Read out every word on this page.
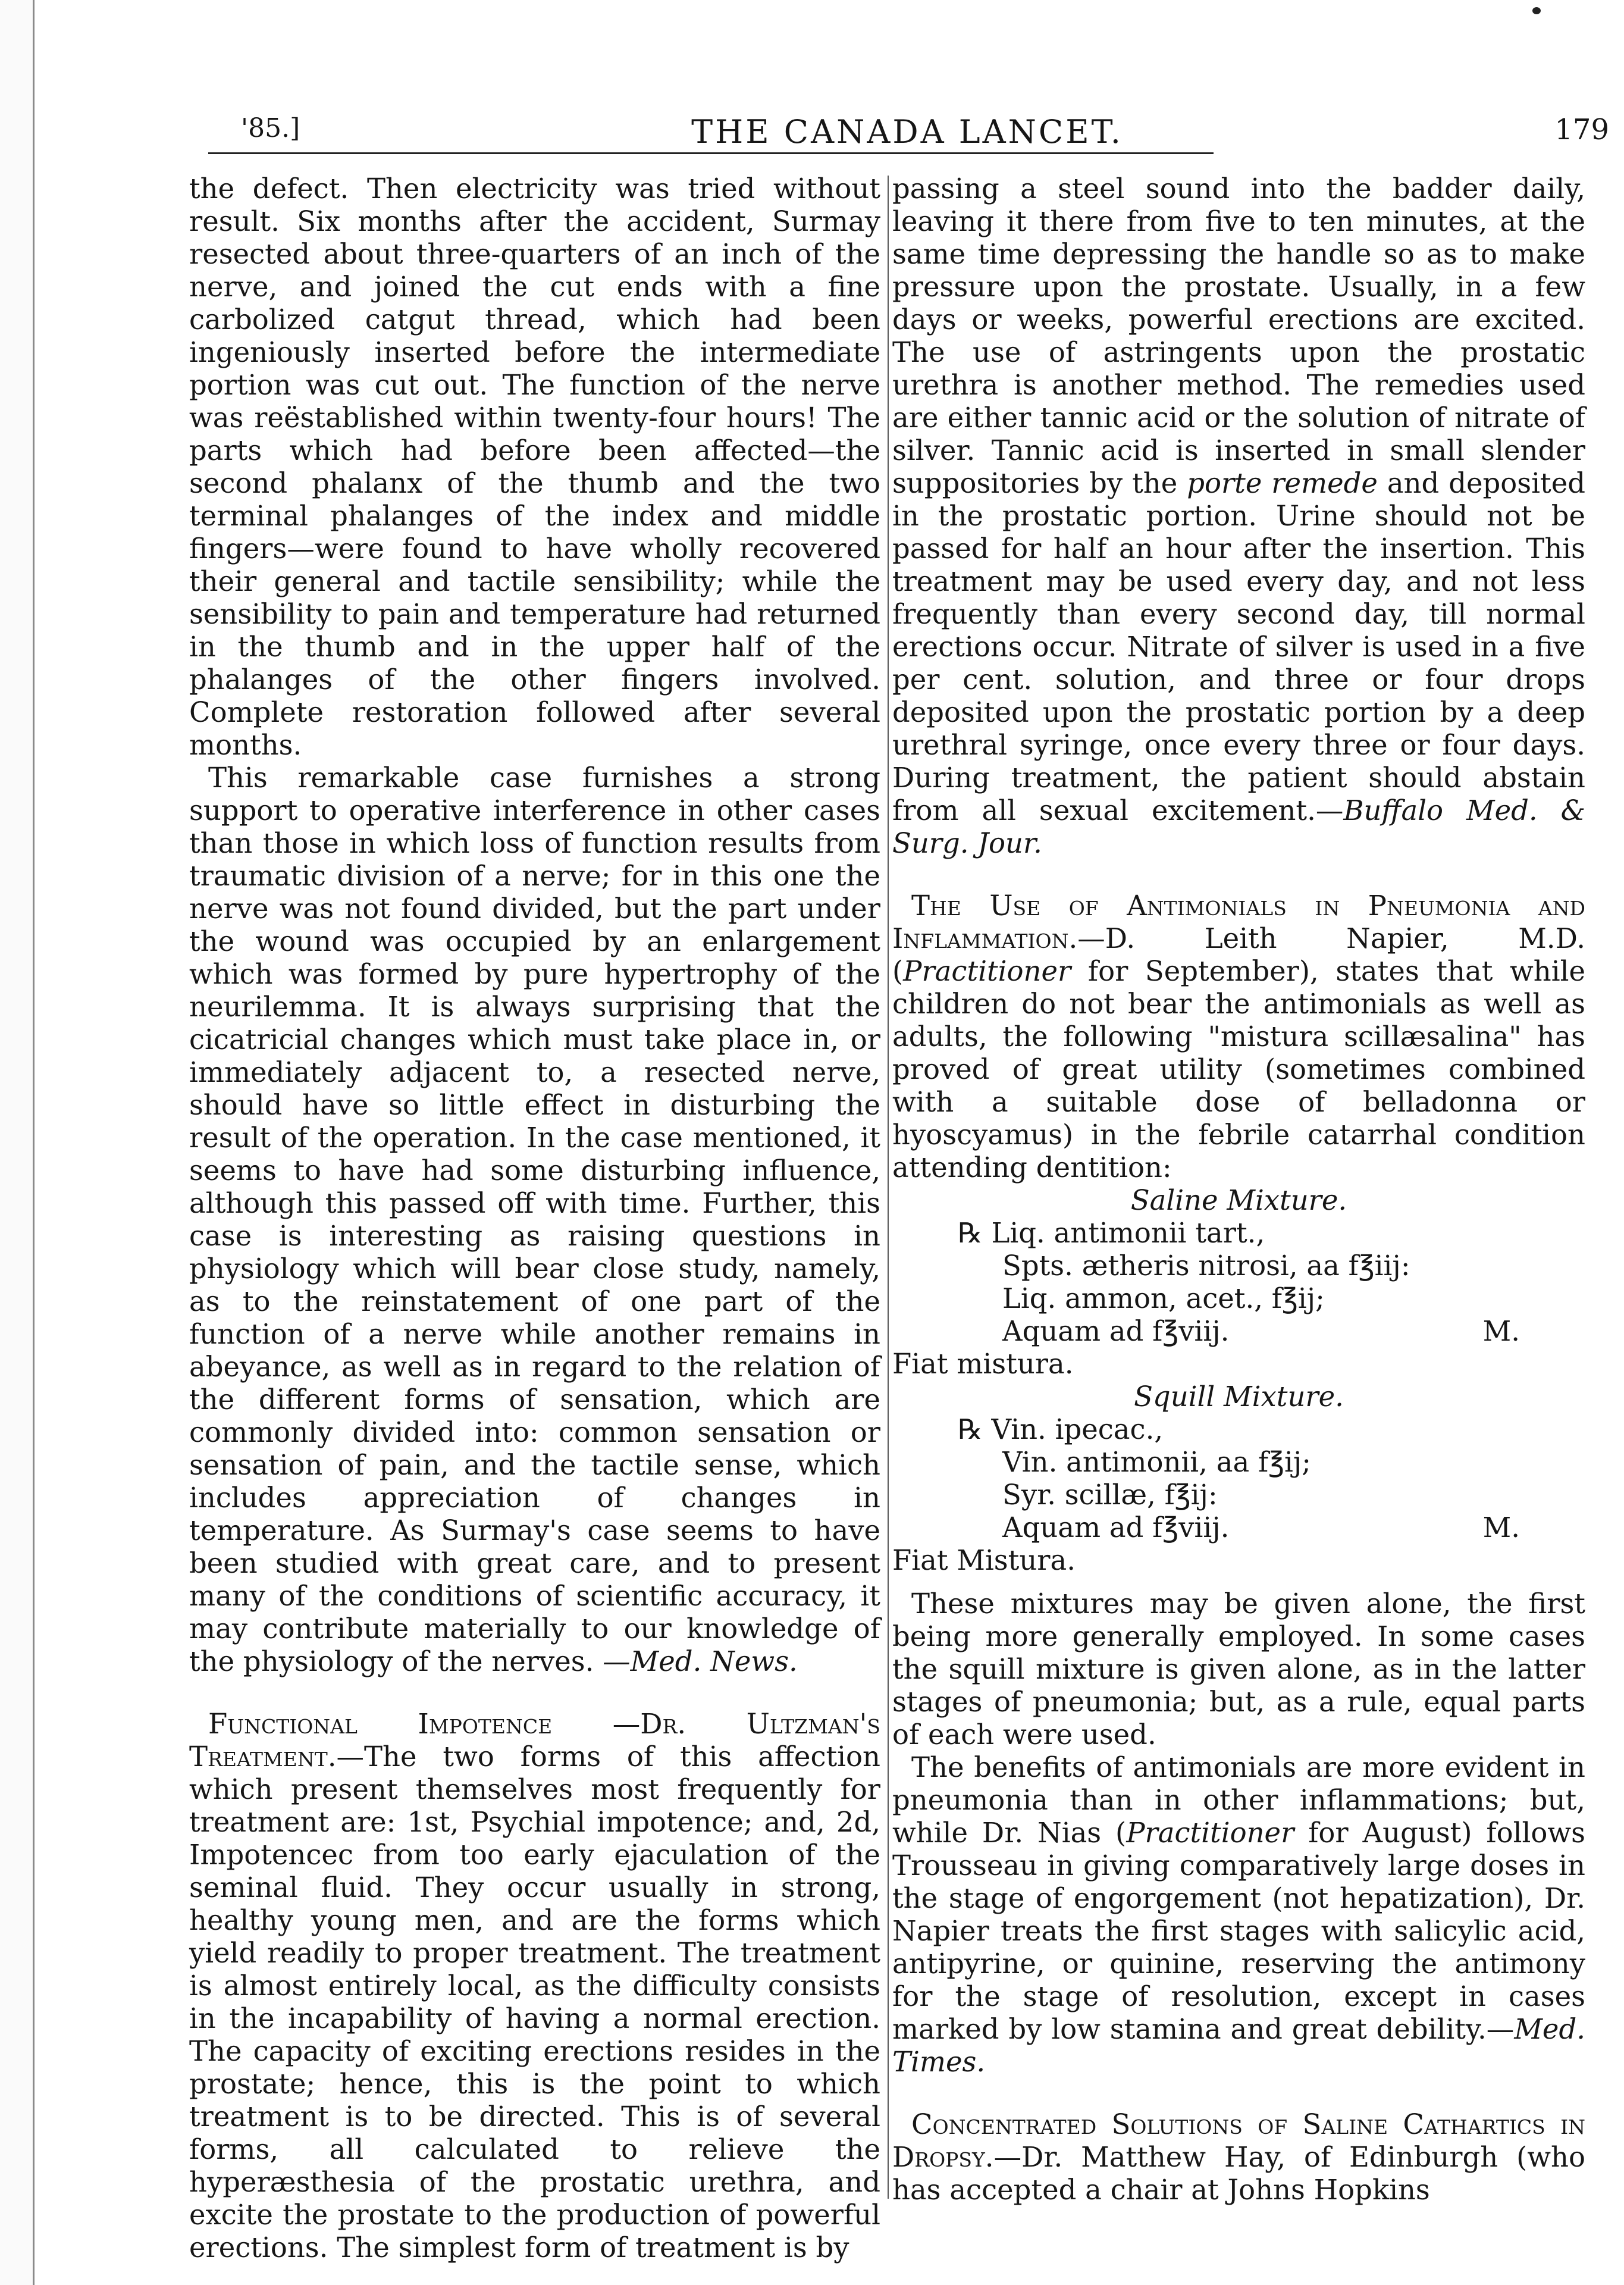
'85.]	THE CANADA LANCET.	179

the defect. Then electricity was tried without result. Six months after the accident, Surmay resected about three-quarters of an inch of the nerve, and joined the cut ends with a fine carbolized catgut thread, which had been ingeniously inserted before the intermediate portion was cut out. The function of the nerve was reëstablished within twenty-four hours! The parts which had before been affected—the second phalanx of the thumb and the two terminal phalanges of the index and middle fingers—were found to have wholly recovered their general and tactile sensibility; while the sensibility to pain and temperature had returned in the thumb and in the upper half of the phalanges of the other fingers involved. Complete restoration followed after several months.

This remarkable case furnishes a strong support to operative interference in other cases than those in which loss of function results from traumatic division of a nerve; for in this one the nerve was not found divided, but the part under the wound was occupied by an enlargement which was formed by pure hypertrophy of the neurilemma. It is always surprising that the cicatricial changes which must take place in, or immediately adjacent to, a resected nerve, should have so little effect in disturbing the result of the operation. In the case mentioned, it seems to have had some disturbing influence, although this passed off with time. Further, this case is interesting as raising questions in physiology which will bear close study, namely, as to the reinstatement of one part of the function of a nerve while another remains in abeyance, as well as in regard to the relation of the different forms of sensation, which are commonly divided into: common sensation or sensation of pain, and the tactile sense, which includes appreciation of changes in temperature. As Surmay's case seems to have been studied with great care, and to present many of the conditions of scientific accuracy, it may contribute materially to our knowledge of the physiology of the nerves. —Med. News.

Functional Impotence —Dr. Ultzman's Treatment.—The two forms of this affection which present themselves most frequently for treatment are: 1st, Psychial impotence; and, 2d, Impotencec from too early ejaculation of the seminal fluid. They occur usually in strong, healthy young men, and are the forms which yield readily to proper treatment. The treatment is almost entirely local, as the difficulty consists in the incapability of having a normal erection. The capacity of exciting erections resides in the prostate; hence, this is the point to which treatment is to be directed. This is of several forms, all calculated to relieve the hyperæsthesia of the prostatic urethra, and excite the prostate to the production of powerful erections. The simplest form of treatment is by

passing a steel sound into the badder daily, leaving it there from five to ten minutes, at the same time depressing the handle so as to make pressure upon the prostate. Usually, in a few days or weeks, powerful erections are excited. The use of astringents upon the prostatic urethra is another method. The remedies used are either tannic acid or the solution of nitrate of silver. Tannic acid is inserted in small slender suppositories by the porte remede and deposited in the prostatic portion. Urine should not be passed for half an hour after the insertion. This treatment may be used every day, and not less frequently than every second day, till normal erections occur. Nitrate of silver is used in a five per cent. solution, and three or four drops deposited upon the prostatic portion by a deep urethral syringe, once every three or four days. During treatment, the patient should abstain from all sexual excitement.—Buffalo Med. & Surg. Jour.

The Use of Antimonials in Pneumonia and Inflammation.—D. Leith Napier, M.D. (Practitioner for September), states that while children do not bear the antimonials as well as adults, the following "mistura scillæsalina" has proved of great utility (sometimes combined with a suitable dose of belladonna or hyoscyamus) in the febrile catarrhal condition attending dentition:

Saline Mixture.

℞ Liq. antimonii tart.,
Spts. ætheris nitrosi, aa f℥iij:
Liq. ammon, acet., f℥ij;
Aquam ad f℥viij.	M.

Fiat mistura.

Squill Mixture.

℞ Vin. ipecac.,
Vin. antimonii, aa f℥ij;
Syr. scillæ, f℥ij:
Aquam ad f℥viij.	M.

Fiat Mistura.

These mixtures may be given alone, the first being more generally employed. In some cases the squill mixture is given alone, as in the latter stages of pneumonia; but, as a rule, equal parts of each were used.

The benefits of antimonials are more evident in pneumonia than in other inflammations; but, while Dr. Nias (Practitioner for August) follows Trousseau in giving comparatively large doses in the stage of engorgement (not hepatization), Dr. Napier treats the first stages with salicylic acid, antipyrine, or quinine, reserving the antimony for the stage of resolution, except in cases marked by low stamina and great debility.—Med. Times.

Concentrated Solutions of Saline Cathartics in Dropsy.—Dr. Matthew Hay, of Edinburgh (who has accepted a chair at Johns Hopkins
